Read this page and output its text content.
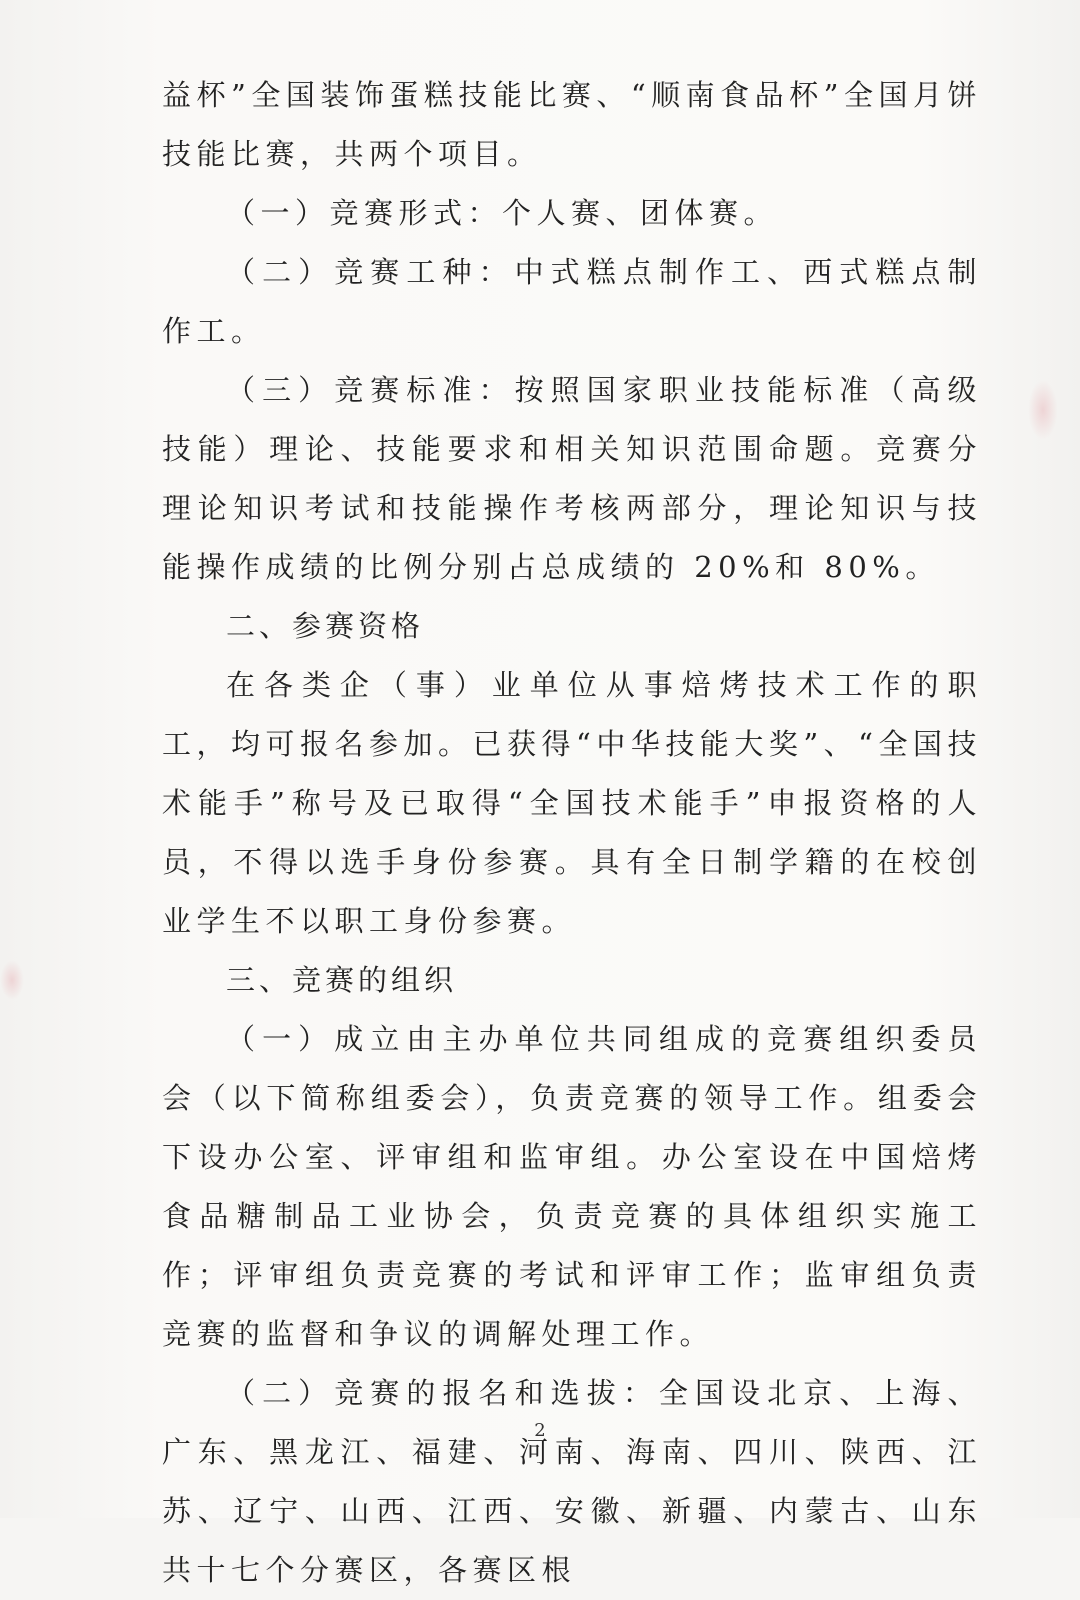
益杯”全国装饰蛋糕技能比赛、“顺南食品杯”全国月饼技能比赛，共两个项目。

（一）竞赛形式：个人赛、团体赛。

（二）竞赛工种：中式糕点制作工、西式糕点制作工。

（三）竞赛标准：按照国家职业技能标准（高级技能）理论、技能要求和相关知识范围命题。竞赛分理论知识考试和技能操作考核两部分，理论知识与技能操作成绩的比例分别占总成绩的 20%和 80%。

二、参赛资格

在各类企（事）业单位从事焙烤技术工作的职工，均可报名参加。已获得“中华技能大奖”、“全国技术能手”称号及已取得“全国技术能手”申报资格的人员，不得以选手身份参赛。具有全日制学籍的在校创业学生不以职工身份参赛。

三、竞赛的组织

（一）成立由主办单位共同组成的竞赛组织委员会（以下简称组委会），负责竞赛的领导工作。组委会下设办公室、评审组和监审组。办公室设在中国焙烤食品糖制品工业协会，负责竞赛的具体组织实施工作；评审组负责竞赛的考试和评审工作；监审组负责竞赛的监督和争议的调解处理工作。

（二）竞赛的报名和选拔：全国设北京、上海、广东、黑龙江、福建、河南、海南、四川、陕西、江苏、辽宁、山西、江西、安徽、新疆、内蒙古、山东共十七个分赛区，各赛区根

2
